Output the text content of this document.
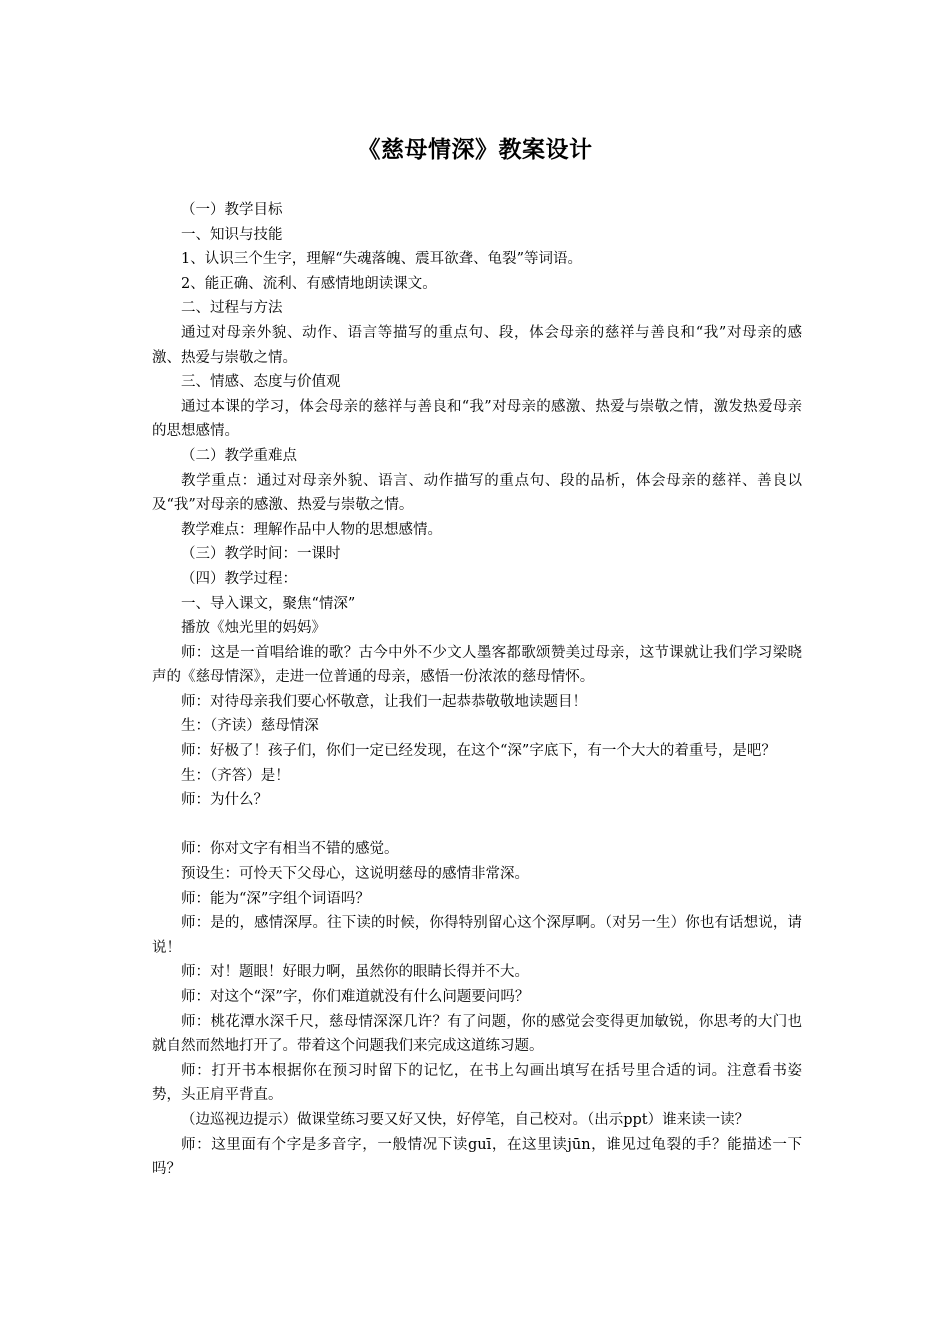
《慈母情深》教案设计

（一）教学目标

一、知识与技能

1、认识三个生字，理解“失魂落魄、震耳欲聋、龟裂”等词语。

2、能正确、流利、有感情地朗读课文。

二、过程与方法

通过对母亲外貌、动作、语言等描写的重点句、段，体会母亲的慈祥与善良和“我”对母亲的感激、热爱与崇敬之情。

三、情感、态度与价值观

通过本课的学习，体会母亲的慈祥与善良和“我”对母亲的感激、热爱与崇敬之情，激发热爱母亲的思想感情。

（二）教学重难点

教学重点：通过对母亲外貌、语言、动作描写的重点句、段的品析，体会母亲的慈祥、善良以及“我”对母亲的感激、热爱与崇敬之情。

教学难点：理解作品中人物的思想感情。

（三）教学时间：一课时

（四）教学过程：

一、导入课文，聚焦“情深”

播放《烛光里的妈妈》

师：这是一首唱给谁的歌？古今中外不少文人墨客都歌颂赞美过母亲，这节课就让我们学习梁晓声的《慈母情深》，走进一位普通的母亲，感悟一份浓浓的慈母情怀。

师：对待母亲我们要心怀敬意，让我们一起恭恭敬敬地读题目！

生：（齐读）慈母情深

师：好极了！孩子们，你们一定已经发现，在这个“深”字底下，有一个大大的着重号，是吧？

生：（齐答）是！

师：为什么？

师：你对文字有相当不错的感觉。

预设生：可怜天下父母心，这说明慈母的感情非常深。

师：能为“深”字组个词语吗？

师：是的，感情深厚。往下读的时候，你得特别留心这个深厚啊。（对另一生）你也有话想说，请说！

师：对！题眼！好眼力啊，虽然你的眼睛长得并不大。

师：对这个“深”字，你们难道就没有什么问题要问吗？

师：桃花潭水深千尺，慈母情深深几许？有了问题，你的感觉会变得更加敏锐，你思考的大门也就自然而然地打开了。带着这个问题我们来完成这道练习题。

师：打开书本根据你在预习时留下的记忆，在书上勾画出填写在括号里合适的词。注意看书姿势，头正肩平背直。

（边巡视边提示）做课堂练习要又好又快，好停笔，自己校对。（出示ppt）谁来读一读？

师：这里面有个字是多音字，一般情况下读guī，在这里读jūn，谁见过龟裂的手？能描述一下吗？
